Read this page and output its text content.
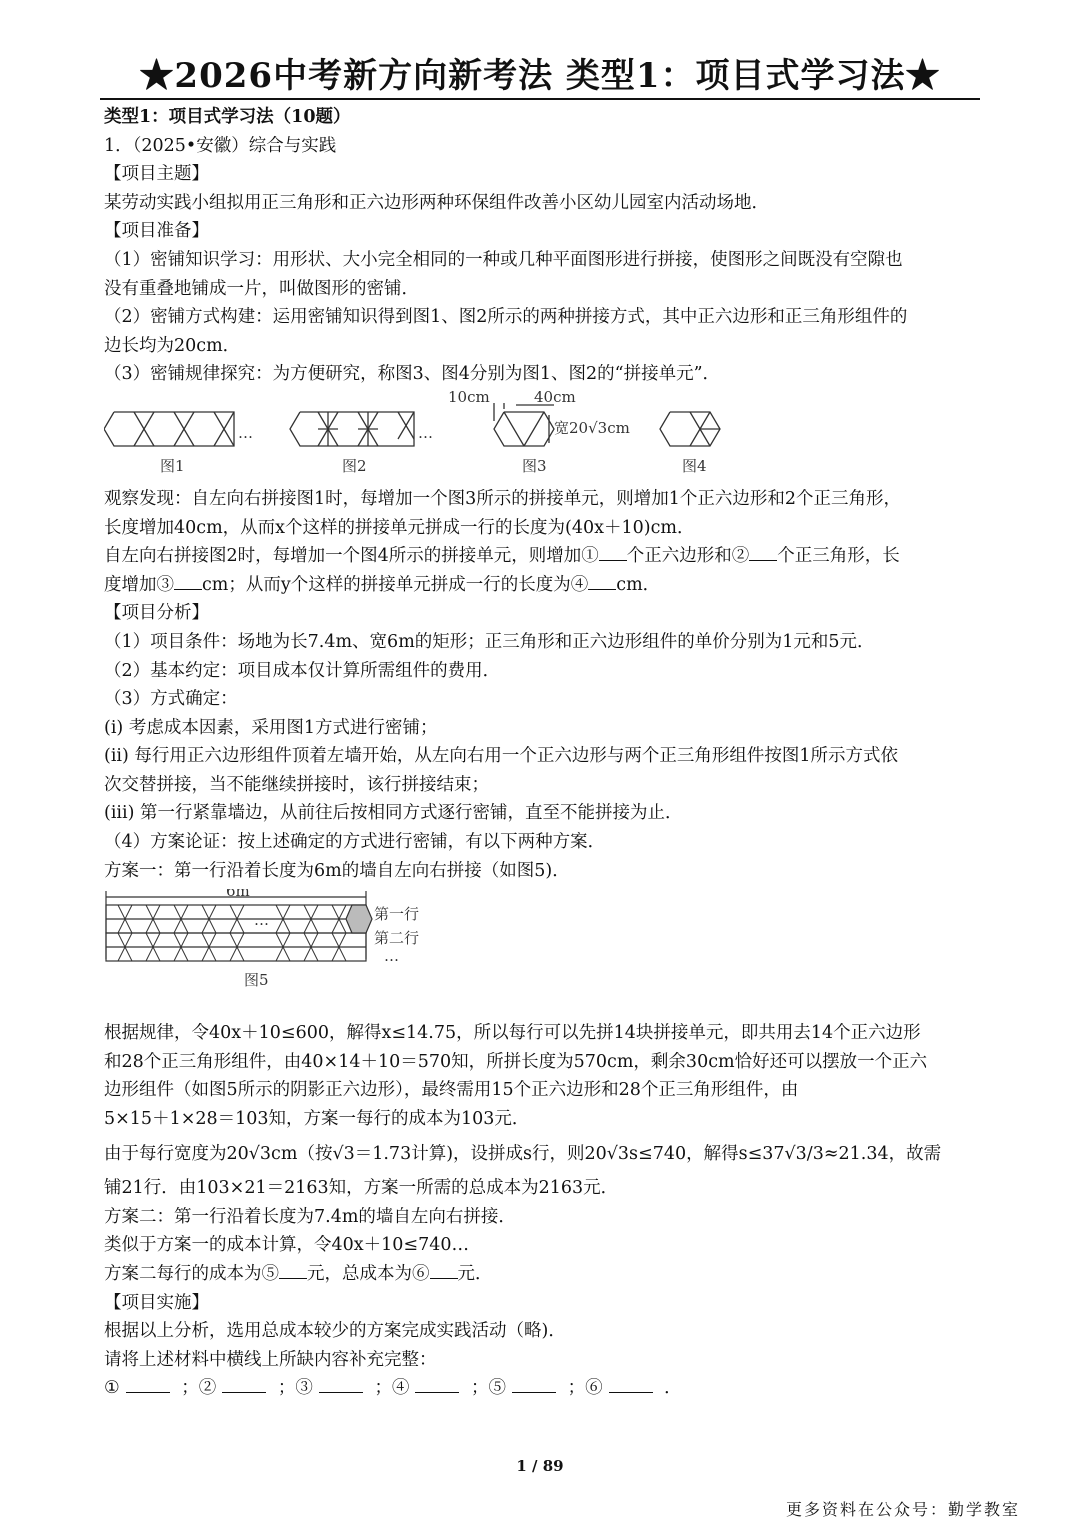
★2026中考新方向新考法 类型1：项目式学习法★

类型1：项目式学习法（10题）

1．（2025•安徽）综合与实践

【项目主题】

某劳动实践小组拟用正三角形和正六边形两种环保组件改善小区幼儿园室内活动场地．

【项目准备】

（1）密铺知识学习：用形状、大小完全相同的一种或几种平面图形进行拼接，使图形之间既没有空隙也

没有重叠地铺成一片，叫做图形的密铺．

（2）密铺方式构建：运用密铺知识得到图1、图2所示的两种拼接方式，其中正六边形和正三角形组件的

边长均为20cm．

（3）密铺规律探究：为方便研究，称图3、图4分别为图1、图2的“拼接单元”．

…	…
图1	图2	图3	图4
10cm	40cm
宽20√3cm

观察发现：自左向右拼接图1时，每增加一个图3所示的拼接单元，则增加1个正六边形和2个正三角形，

长度增加40cm，从而x个这样的拼接单元拼成一行的长度为(40x＋10)cm．

自左向右拼接图2时，每增加一个图4所示的拼接单元，则增加① 个正六边形和② 个正三角形，长

度增加③ cm；从而y个这样的拼接单元拼成一行的长度为④ cm．

【项目分析】

（1）项目条件：场地为长7.4m、宽6m的矩形；正三角形和正六边形组件的单价分别为1元和5元．

（2）基本约定：项目成本仅计算所需组件的费用．

（3）方式确定：

(i) 考虑成本因素，采用图1方式进行密铺；

(ii) 每行用正六边形组件顶着左墙开始，从左向右用一个正六边形与两个正三角形组件按图1所示方式依

次交替拼接，当不能继续拼接时，该行拼接结束；

(iii) 第一行紧靠墙边，从前往后按相同方式逐行密铺，直至不能拼接为止．

（4）方案论证：按上述确定的方式进行密铺，有以下两种方案．

方案一：第一行沿着长度为6m的墙自左向右拼接（如图5)．

6m
…	第一行
第二行
…
图5

根据规律，令40x＋10≤600，解得x≤14.75，所以每行可以先拼14块拼接单元，即共用去14个正六边形

和28个正三角形组件，由40×14＋10＝570知，所拼长度为570cm，剩余30cm恰好还可以摆放一个正六

边形组件（如图5所示的阴影正六边形），最终需用15个正六边形和28个正三角形组件，由

5×15＋1×28＝103知，方案一每行的成本为103元．

由于每行宽度为20√3cm（按√3＝1.73计算)，设拼成s行，则20√3s≤740，解得s≤37√3/3≈21.34，故需

铺21行．由103×21＝2163知，方案一所需的总成本为2163元．

方案二：第一行沿着长度为7.4m的墙自左向右拼接．

类似于方案一的成本计算，令40x＋10≤740…

方案二每行的成本为⑤ 元，总成本为⑥ 元．

【项目实施】

根据以上分析，选用总成本较少的方案完成实践活动（略)．

请将上述材料中横线上所缺内容补充完整：

①	；②	；③	；④	；⑤	；⑥	．

1 / 89
更多资料在公众号：勤学教室
